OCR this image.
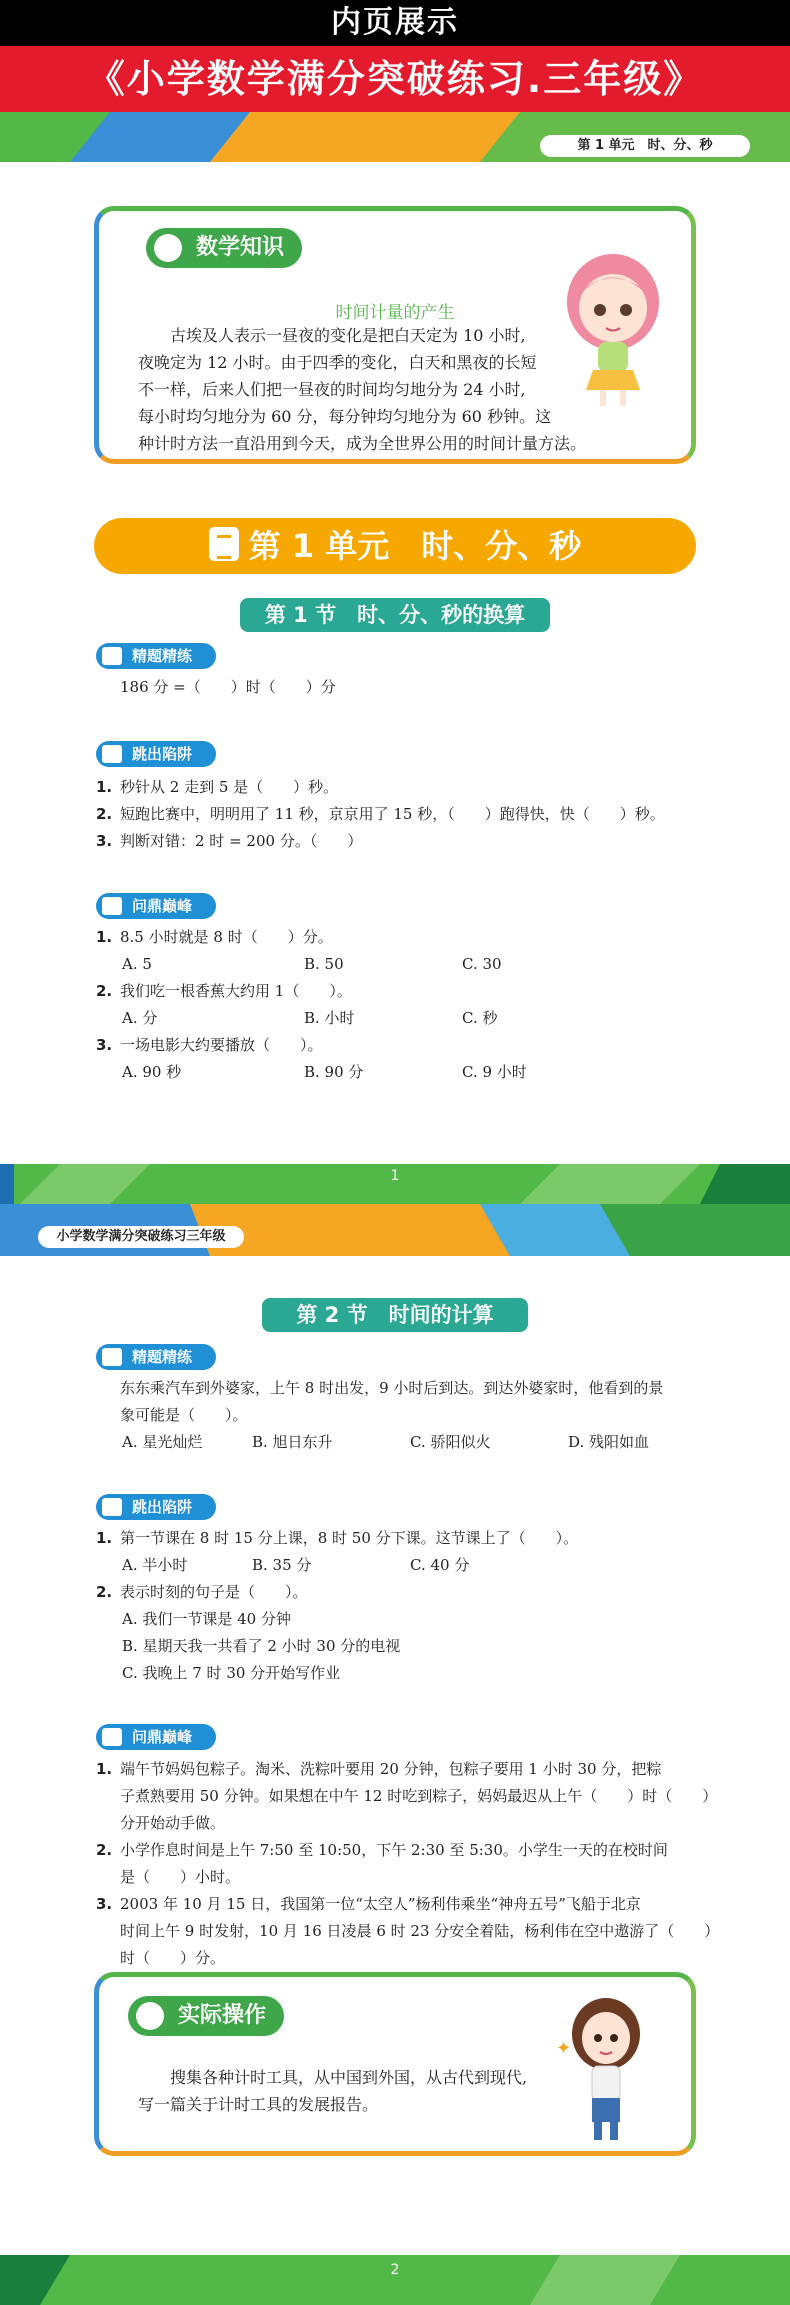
内页展示
《小学数学满分突破练习.三年级》
第 1 单元　时、分、秒
数学知识
时间计量的产生
　　古埃及人表示一昼夜的变化是把白天定为 10 小时,
夜晚定为 12 小时。由于四季的变化，白天和黑夜的长短
不一样，后来人们把一昼夜的时间均匀地分为 24 小时,
每小时均匀地分为 60 分，每分钟均匀地分为 60 秒钟。这
种计时方法一直沿用到今天，成为全世界公用的时间计量方法。
第 1 单元　时、分、秒
第 1 节　时、分、秒的换算
精题精练
186 分 =（　　）时（　　）分
跳出陷阱
1. 秒针从 2 走到 5 是（　　）秒。
2. 短跑比赛中，明明用了 11 秒，京京用了 15 秒，（　　）跑得快，快（　　）秒。
3. 判断对错：2 时 = 200 分。（　　）
问鼎巅峰
1. 8.5 小时就是 8 时（　　）分。
A. 5	B. 50	C. 30
2. 我们吃一根香蕉大约用 1（　　）。
A. 分	B. 小时	C. 秒
3. 一场电影大约要播放（　　）。
A. 90 秒	B. 90 分	C. 9 小时
1
小学数学满分突破练习三年级
第 2 节　时间的计算
精题精练
东东乘汽车到外婆家，上午 8 时出发，9 小时后到达。到达外婆家时，他看到的景
象可能是（　　）。
A. 星光灿烂	B. 旭日东升	C. 骄阳似火	D. 残阳如血
跳出陷阱
1. 第一节课在 8 时 15 分上课，8 时 50 分下课。这节课上了（　　）。
A. 半小时	B. 35 分	C. 40 分
2. 表示时刻的句子是（　　）。
A. 我们一节课是 40 分钟
B. 星期天我一共看了 2 小时 30 分的电视
C. 我晚上 7 时 30 分开始写作业
问鼎巅峰
1. 端午节妈妈包粽子。淘米、洗粽叶要用 20 分钟，包粽子要用 1 小时 30 分，把粽
子煮熟要用 50 分钟。如果想在中午 12 时吃到粽子，妈妈最迟从上午（　　）时（　　）
分开始动手做。
2. 小学作息时间是上午 7:50 至 10:50，下午 2:30 至 5:30。小学生一天的在校时间
是（　　）小时。
3. 2003 年 10 月 15 日，我国第一位“太空人”杨利伟乘坐“神舟五号”飞船于北京
时间上午 9 时发射，10 月 16 日凌晨 6 时 23 分安全着陆，杨利伟在空中遨游了（　　）
时（　　）分。
实际操作
　　搜集各种计时工具，从中国到外国，从古代到现代,
写一篇关于计时工具的发展报告。
✦
2
